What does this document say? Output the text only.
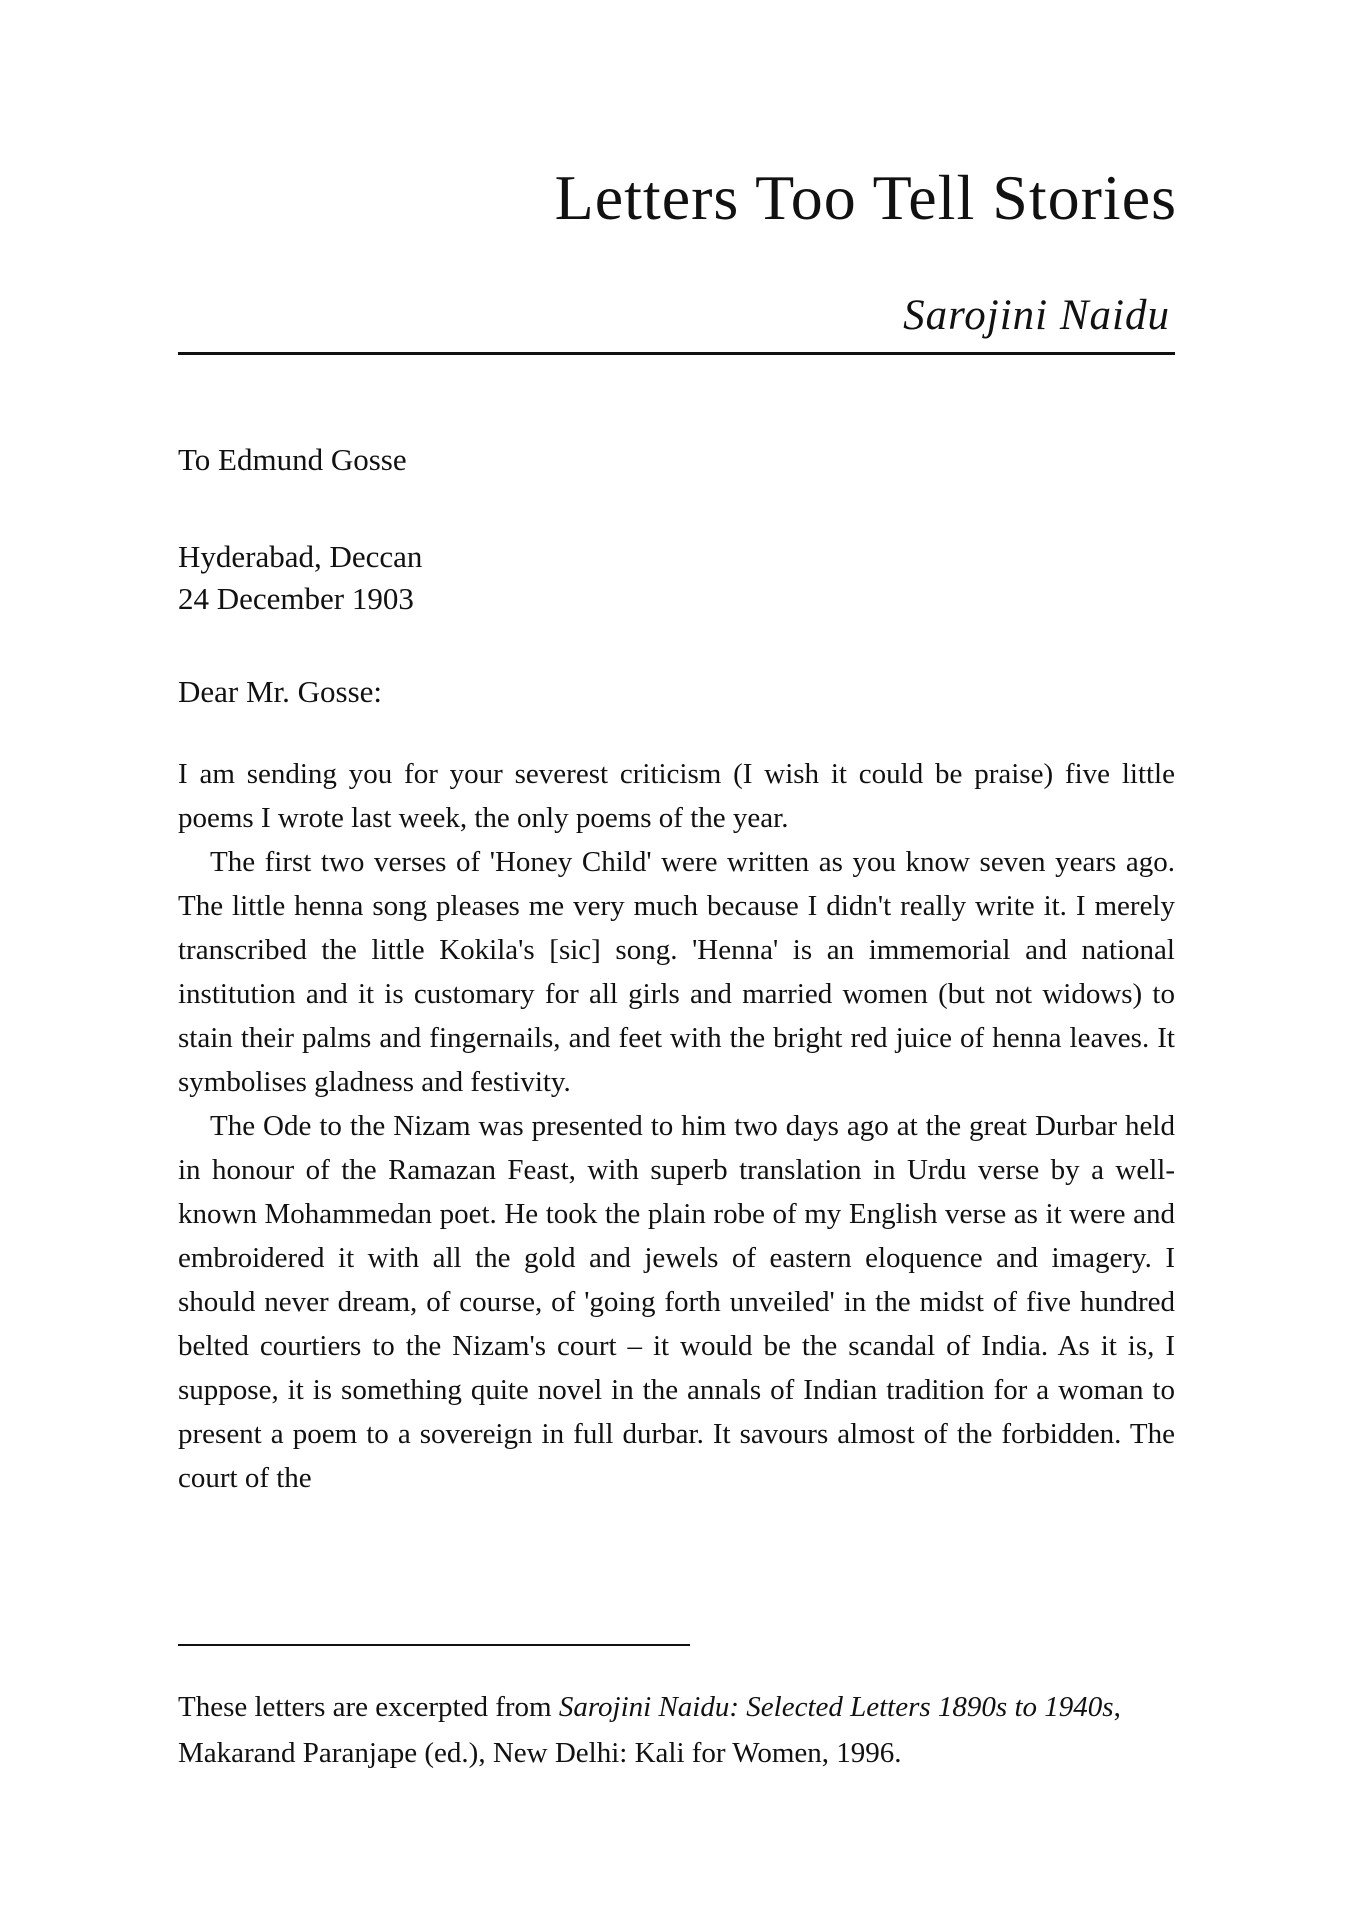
Letters Too Tell Stories
Sarojini Naidu
To Edmund Gosse
Hyderabad, Deccan
24 December 1903
Dear Mr. Gosse:

I am sending you for your severest criticism (I wish it could be praise) five little poems I wrote last week, the only poems of the year.

The first two verses of 'Honey Child' were written as you know seven years ago. The little henna song pleases me very much because I didn't really write it. I merely transcribed the little Kokila's [sic] song. 'Henna' is an immemorial and national institution and it is customary for all girls and married women (but not widows) to stain their palms and fingernails, and feet with the bright red juice of henna leaves. It symbolises gladness and festivity.

The Ode to the Nizam was presented to him two days ago at the great Durbar held in honour of the Ramazan Feast, with superb translation in Urdu verse by a well-known Mohammedan poet. He took the plain robe of my English verse as it were and embroidered it with all the gold and jewels of eastern eloquence and imagery. I should never dream, of course, of 'going forth unveiled' in the midst of five hundred belted courtiers to the Nizam's court – it would be the scandal of India. As it is, I suppose, it is something quite novel in the annals of Indian tradition for a woman to present a poem to a sovereign in full durbar. It savours almost of the forbidden. The court of the

These letters are excerpted from Sarojini Naidu: Selected Letters 1890s to 1940s, Makarand Paranjape (ed.), New Delhi: Kali for Women, 1996.
